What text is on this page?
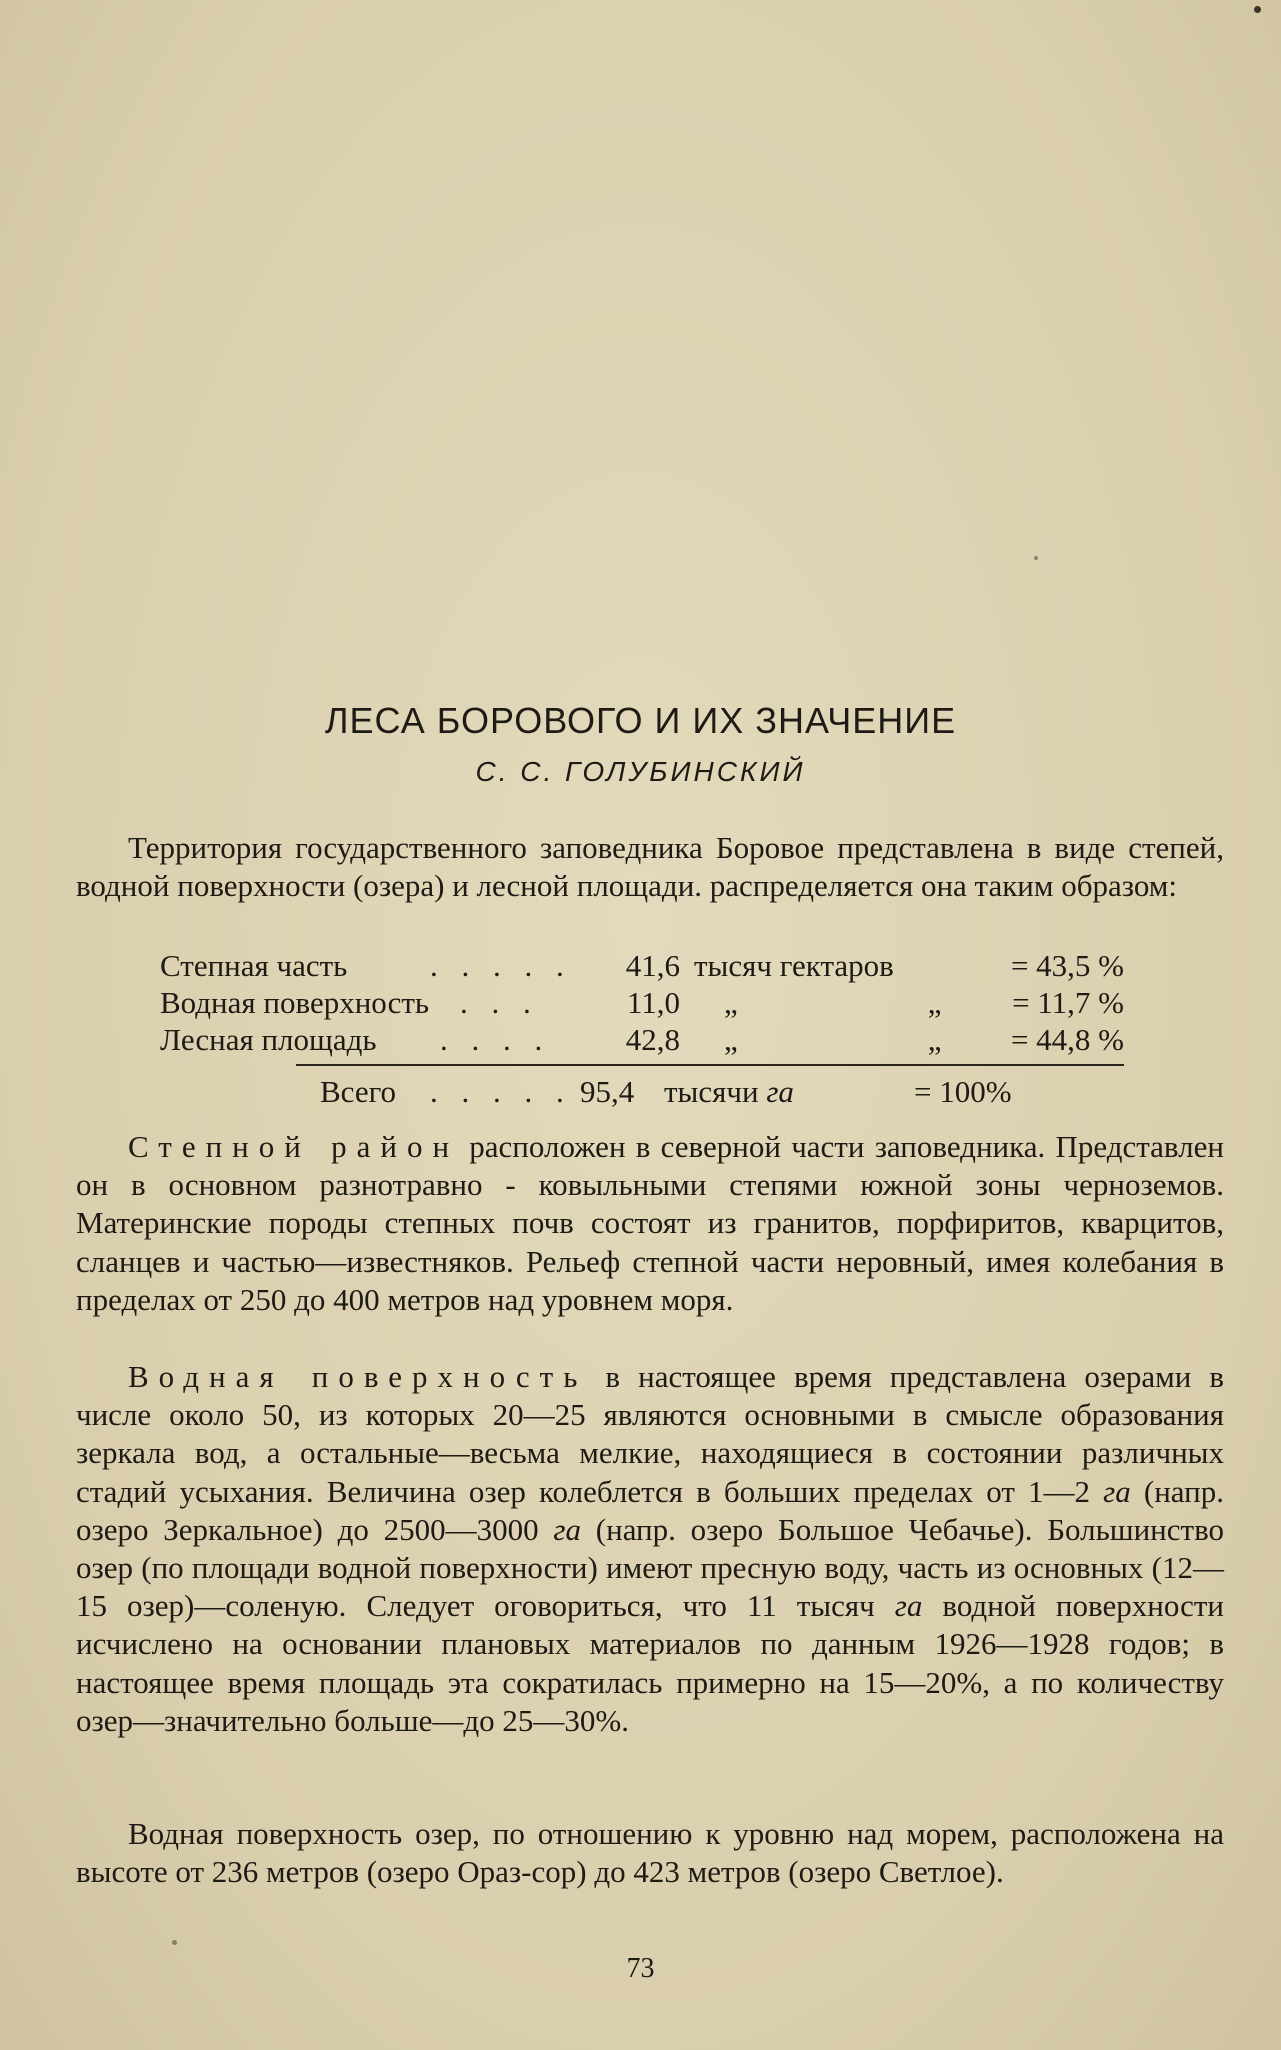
ЛЕСА БОРОВОГО И ИХ ЗНАЧЕНИЕ
С. С. ГОЛУБИНСКИЙ

Территория государственного заповедника Боровое представлена в виде степей, водной поверхности (озера) и лесной площади. распределяется она таким образом:

Степная часть	. . . . .	41,6	тысяч гектаров	= 43,5 %
Водная поверхность	. . .	11,0	„ „	= 11,7 %
Лесная площадь	. . . .	42,8	„ „	= 44,8 %
Всего . . . . . 95,4 тысячи га	= 100%

Степной район расположен в северной части заповедника. Представлен он в основном разнотравно - ковыльными степями южной зоны черноземов. Материнские породы степных почв состоят из гранитов, порфиритов, кварцитов, сланцев и частью—известняков. Рельеф степной части неровный, имея колебания в пределах от 250 до 400 метров над уровнем моря.

Водная поверхность в настоящее время представлена озерами в числе около 50, из которых 20—25 являются основными в смысле образования зеркала вод, а остальные—весьма мелкие, находящиеся в состоянии различных стадий усыхания. Величина озер колеблется в больших пределах от 1—2 га (напр. озеро Зеркальное) до 2500—3000 га (напр. озеро Большое Чебачье). Большинство озер (по площади водной поверхности) имеют пресную воду, часть из основных (12—15 озер)—соленую. Следует оговориться, что 11 тысяч га водной поверхности исчислено на основании плановых материалов по данным 1926—1928 годов; в настоящее время площадь эта сократилась примерно на 15—20%, а по количеству озер—значительно больше—до 25—30%.

Водная поверхность озер, по отношению к уровню над морем, расположена на высоте от 236 метров (озеро Ораз-сор) до 423 метров (озеро Светлое).

73
